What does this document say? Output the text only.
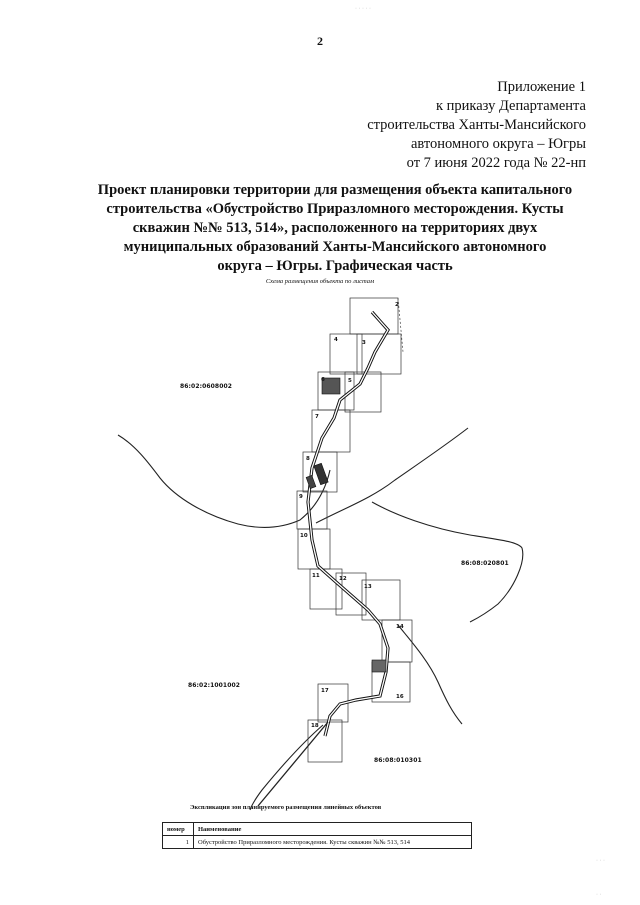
· · · · ·
2
Приложение 1
к приказу Департамента
строительства Ханты-Мансийского
автономного округа – Югры
от 7 июня 2022 года № 22-нп
Проект планировки территории для размещения объекта капитального
строительства «Обустройство Приразломного месторождения. Кусты
скважин №№ 513, 514», расположенного на территориях двух
муниципальных образований Ханты-Мансийского автономного
округа – Югры. Графическая часть
Схема размещения объекта по листам
2
3
4
5
6
7
8
9
10
11	12
13
14
16
17
18
86:02:0608002
86:08:020801
86:02:1001002
86:08:010301
Экспликация зон планируемого размещения линейных объектов
номер	Наименование
1	Обустройство Приразломного месторождения. Кусты скважин №№ 513, 514
· · ·
· ·
